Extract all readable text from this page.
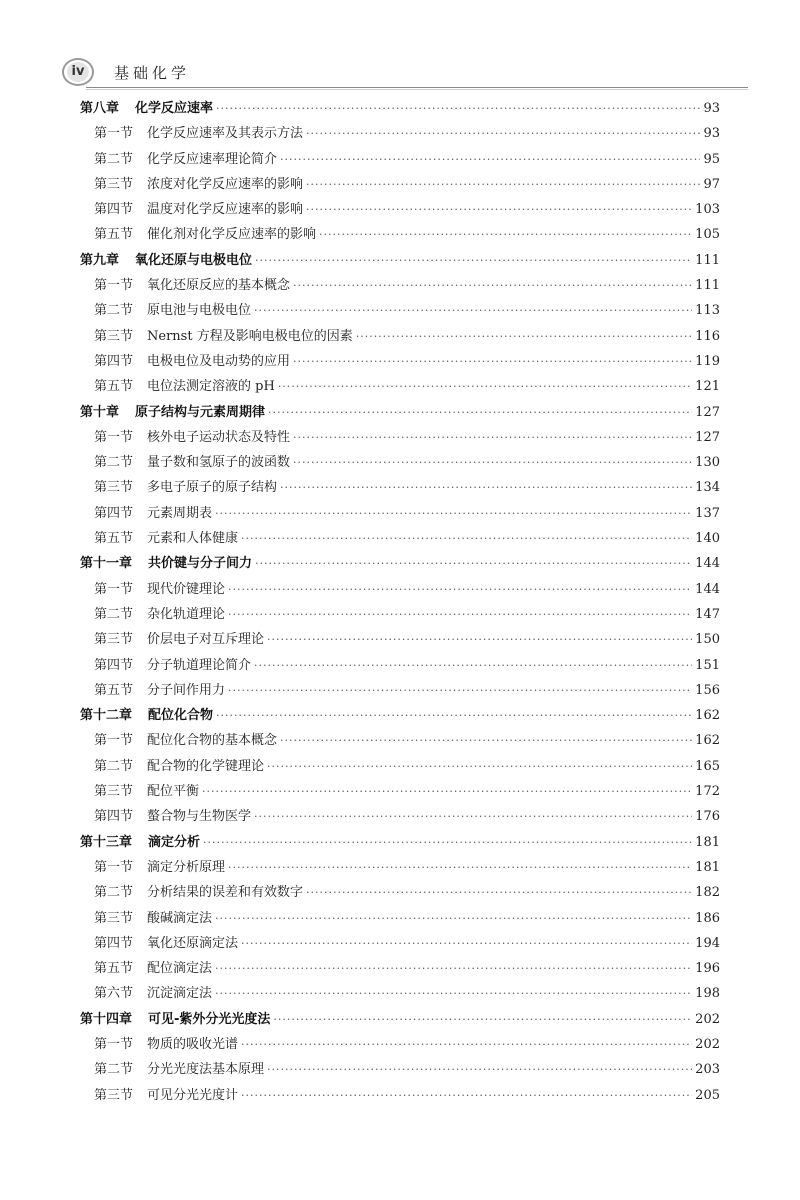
iv	基础化学
第八章 化学反应速率 ·····	93
第一节 化学反应速率及其表示方法 ·····	93
第二节 化学反应速率理论简介 ·····	95
第三节 浓度对化学反应速率的影响 ·····	97
第四节 温度对化学反应速率的影响 ·····	103
第五节 催化剂对化学反应速率的影响 ·····	105
第九章 氧化还原与电极电位 ·····	111
第一节 氧化还原反应的基本概念 ·····	111
第二节 原电池与电极电位 ·····	113
第三节 Nernst 方程及影响电极电位的因素 ·····	116
第四节 电极电位及电动势的应用 ·····	119
第五节 电位法测定溶液的 pH ·····	121
第十章 原子结构与元素周期律 ·····	127
第一节 核外电子运动状态及特性 ·····	127
第二节 量子数和氢原子的波函数 ·····	130
第三节 多电子原子的原子结构 ·····	134
第四节 元素周期表 ·····	137
第五节 元素和人体健康 ·····	140
第十一章 共价键与分子间力 ·····	144
第一节 现代价键理论 ·····	144
第二节 杂化轨道理论 ·····	147
第三节 价层电子对互斥理论 ·····	150
第四节 分子轨道理论简介 ·····	151
第五节 分子间作用力 ·····	156
第十二章 配位化合物 ·····	162
第一节 配位化合物的基本概念 ·····	162
第二节 配合物的化学键理论 ·····	165
第三节 配位平衡 ·····	172
第四节 螯合物与生物医学 ·····	176
第十三章 滴定分析 ·····	181
第一节 滴定分析原理 ·····	181
第二节 分析结果的误差和有效数字 ·····	182
第三节 酸碱滴定法 ·····	186
第四节 氧化还原滴定法 ·····	194
第五节 配位滴定法 ·····	196
第六节 沉淀滴定法 ·····	198
第十四章 可见-紫外分光光度法 ·····	202
第一节 物质的吸收光谱 ·····	202
第二节 分光光度法基本原理 ·····	203
第三节 可见分光光度计 ·····	205
